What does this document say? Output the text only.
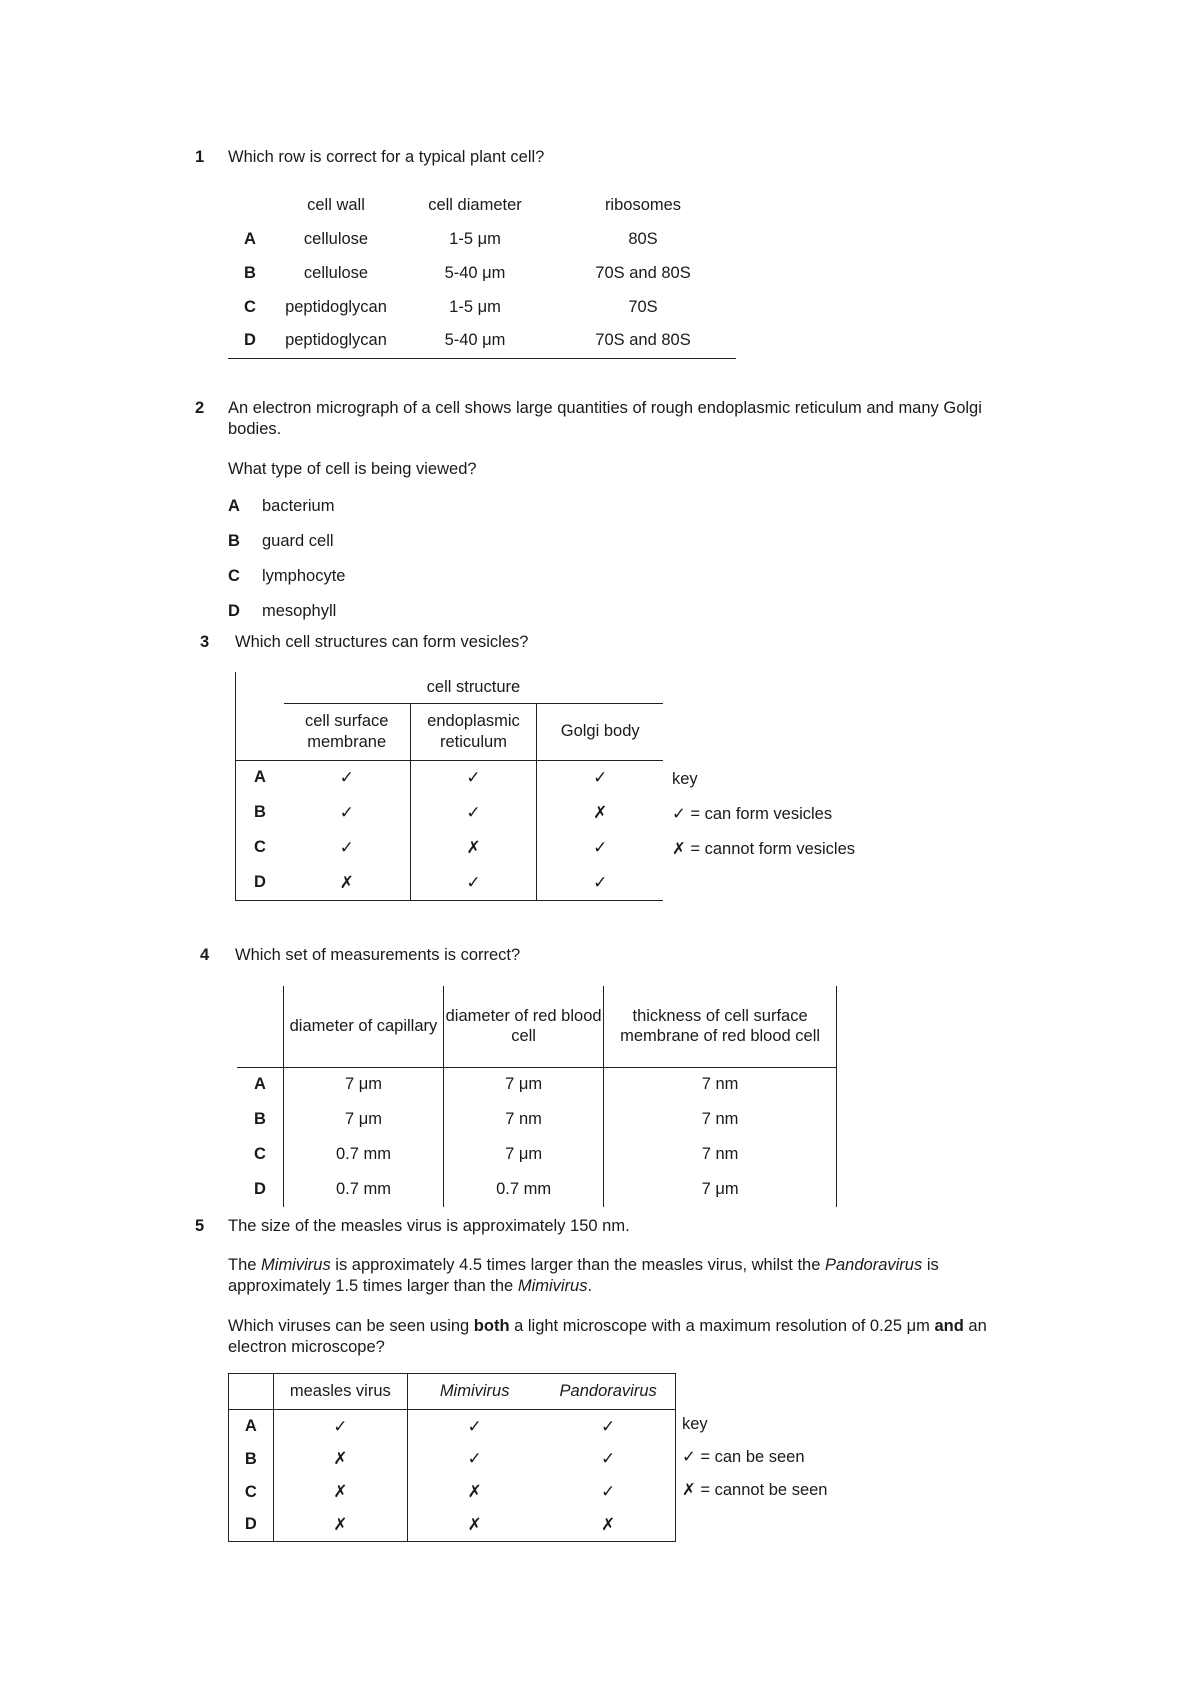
1 Which row is correct for a typical plant cell?
	cell wall	cell diameter	ribosomes
A	cellulose	1-5 μm	80S
B	cellulose	5-40 μm	70S and 80S
C	peptidoglycan	1-5 μm	70S
D	peptidoglycan	5-40 μm	70S and 80S
2 An electron micrograph of a cell shows large quantities of rough endoplasmic reticulum and many Golgi bodies.
What type of cell is being viewed?
A bacterium
B guard cell
C lymphocyte
D mesophyll
3 Which cell structures can form vesicles?
	cell structure		
	cell surface membrane	endoplasmic reticulum	Golgi body
A	✓	✓	✓
B	✓	✓	✗
C	✓	✗	✓
D	✗	✓	✓
key
✓ = can form vesicles
✗ = cannot form vesicles
4 Which set of measurements is correct?
	diameter of capillary	diameter of red blood cell	thickness of cell surface membrane of red blood cell
A	7 μm	7 μm	7 nm
B	7 μm	7 nm	7 nm
C	0.7 mm	7 μm	7 nm
D	0.7 mm	0.7 mm	7 μm
5 The size of the measles virus is approximately 150 nm.
The Mimivirus is approximately 4.5 times larger than the measles virus, whilst the Pandoravirus is approximately 1.5 times larger than the Mimivirus.
Which viruses can be seen using both a light microscope with a maximum resolution of 0.25 μm and an electron microscope?
	measles virus	Mimivirus	Pandoravirus
A	✓	✓	✓
B	✗	✓	✓
C	✗	✗	✓
D	✗	✗	✗
key
✓ = can be seen
✗ = cannot be seen
